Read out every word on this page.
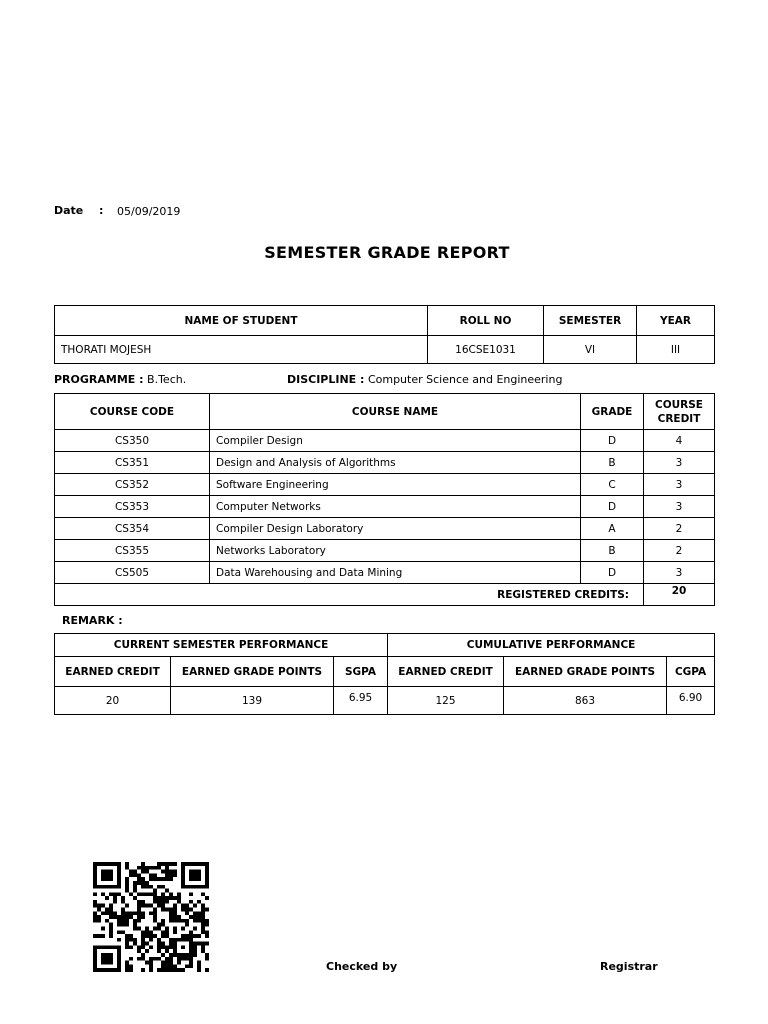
Date : 05/09/2019
SEMESTER GRADE REPORT
NAME OF STUDENT	ROLL NO	SEMESTER	YEAR
THORATI MOJESH	16CSE1031	VI	III
PROGRAMME : B.Tech.	DISCIPLINE : Computer Science and Engineering
COURSE CODE	COURSE NAME	GRADE	COURSE
CREDIT

CS350	Compiler Design	D	4
CS351	Design and Analysis of Algorithms	B	3
CS352	Software Engineering	C	3
CS353	Computer Networks	D	3
CS354	Compiler Design Laboratory	A	2
CS355	Networks Laboratory	B	2
CS505	Data Warehousing and Data Mining	D	3
REGISTERED CREDITS:			20
REMARK :
CURRENT SEMESTER PERFORMANCE			CUMULATIVE PERFORMANCE		
EARNED CREDIT	EARNED GRADE POINTS	SGPA	EARNED CREDIT	EARNED GRADE POINTS	CGPA
20	139	6.95	125	863	6.90
Checked by	Registrar
